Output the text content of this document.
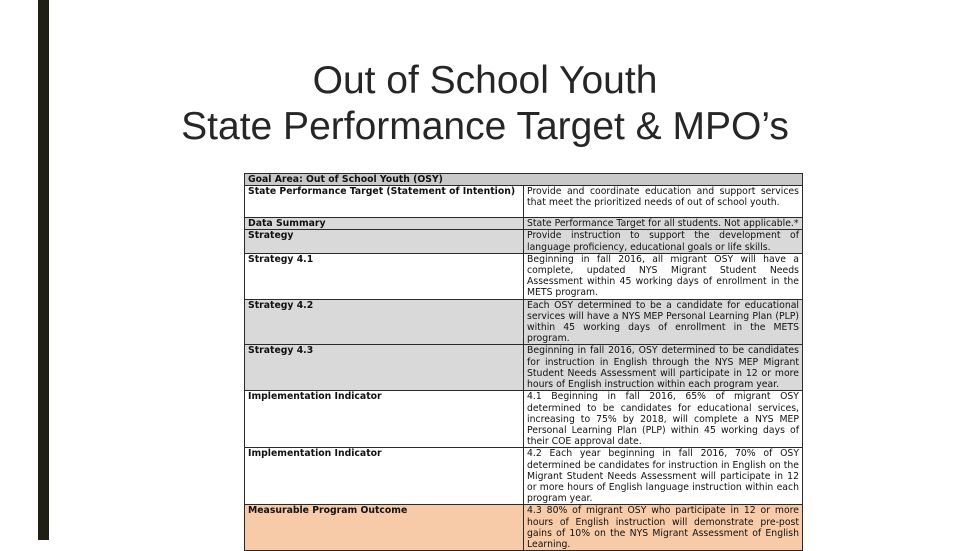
Out of School Youth
State Performance Target & MPO’s
Goal Area: Out of School Youth (OSY)	
State Performance Target (Statement of Intention)	Provide and coordinate education and support services that meet the prioritized needs of out of school youth.
Data Summary	State Performance Target for all students. Not applicable.*
Strategy	Provide instruction to support the development of language proficiency, educational goals or life skills.
Strategy 4.1	Beginning in fall 2016, all migrant OSY will have a complete, updated NYS Migrant Student Needs Assessment within 45 working days of enrollment in the METS program.
Strategy 4.2	Each OSY determined to be a candidate for educational services will have a NYS MEP Personal Learning Plan (PLP) within 45 working days of enrollment in the METS program.
Strategy 4.3	Beginning in fall 2016, OSY determined to be candidates for instruction in English through the NYS MEP Migrant Student Needs Assessment will participate in 12 or more hours of English instruction within each program year.
Implementation Indicator	4.1 Beginning in fall 2016, 65% of migrant OSY determined to be candidates for educational services, increasing to 75% by 2018, will complete a NYS MEP Personal Learning Plan (PLP) within 45 working days of their COE approval date.
Implementation Indicator	4.2 Each year beginning in fall 2016, 70% of OSY determined be candidates for instruction in English on the Migrant Student Needs Assessment will participate in 12 or more hours of English language instruction within each program year.
Measurable Program Outcome	4.3 80% of migrant OSY who participate in 12 or more hours of English instruction will demonstrate pre-post gains of 10% on the NYS Migrant Assessment of English Learning.
